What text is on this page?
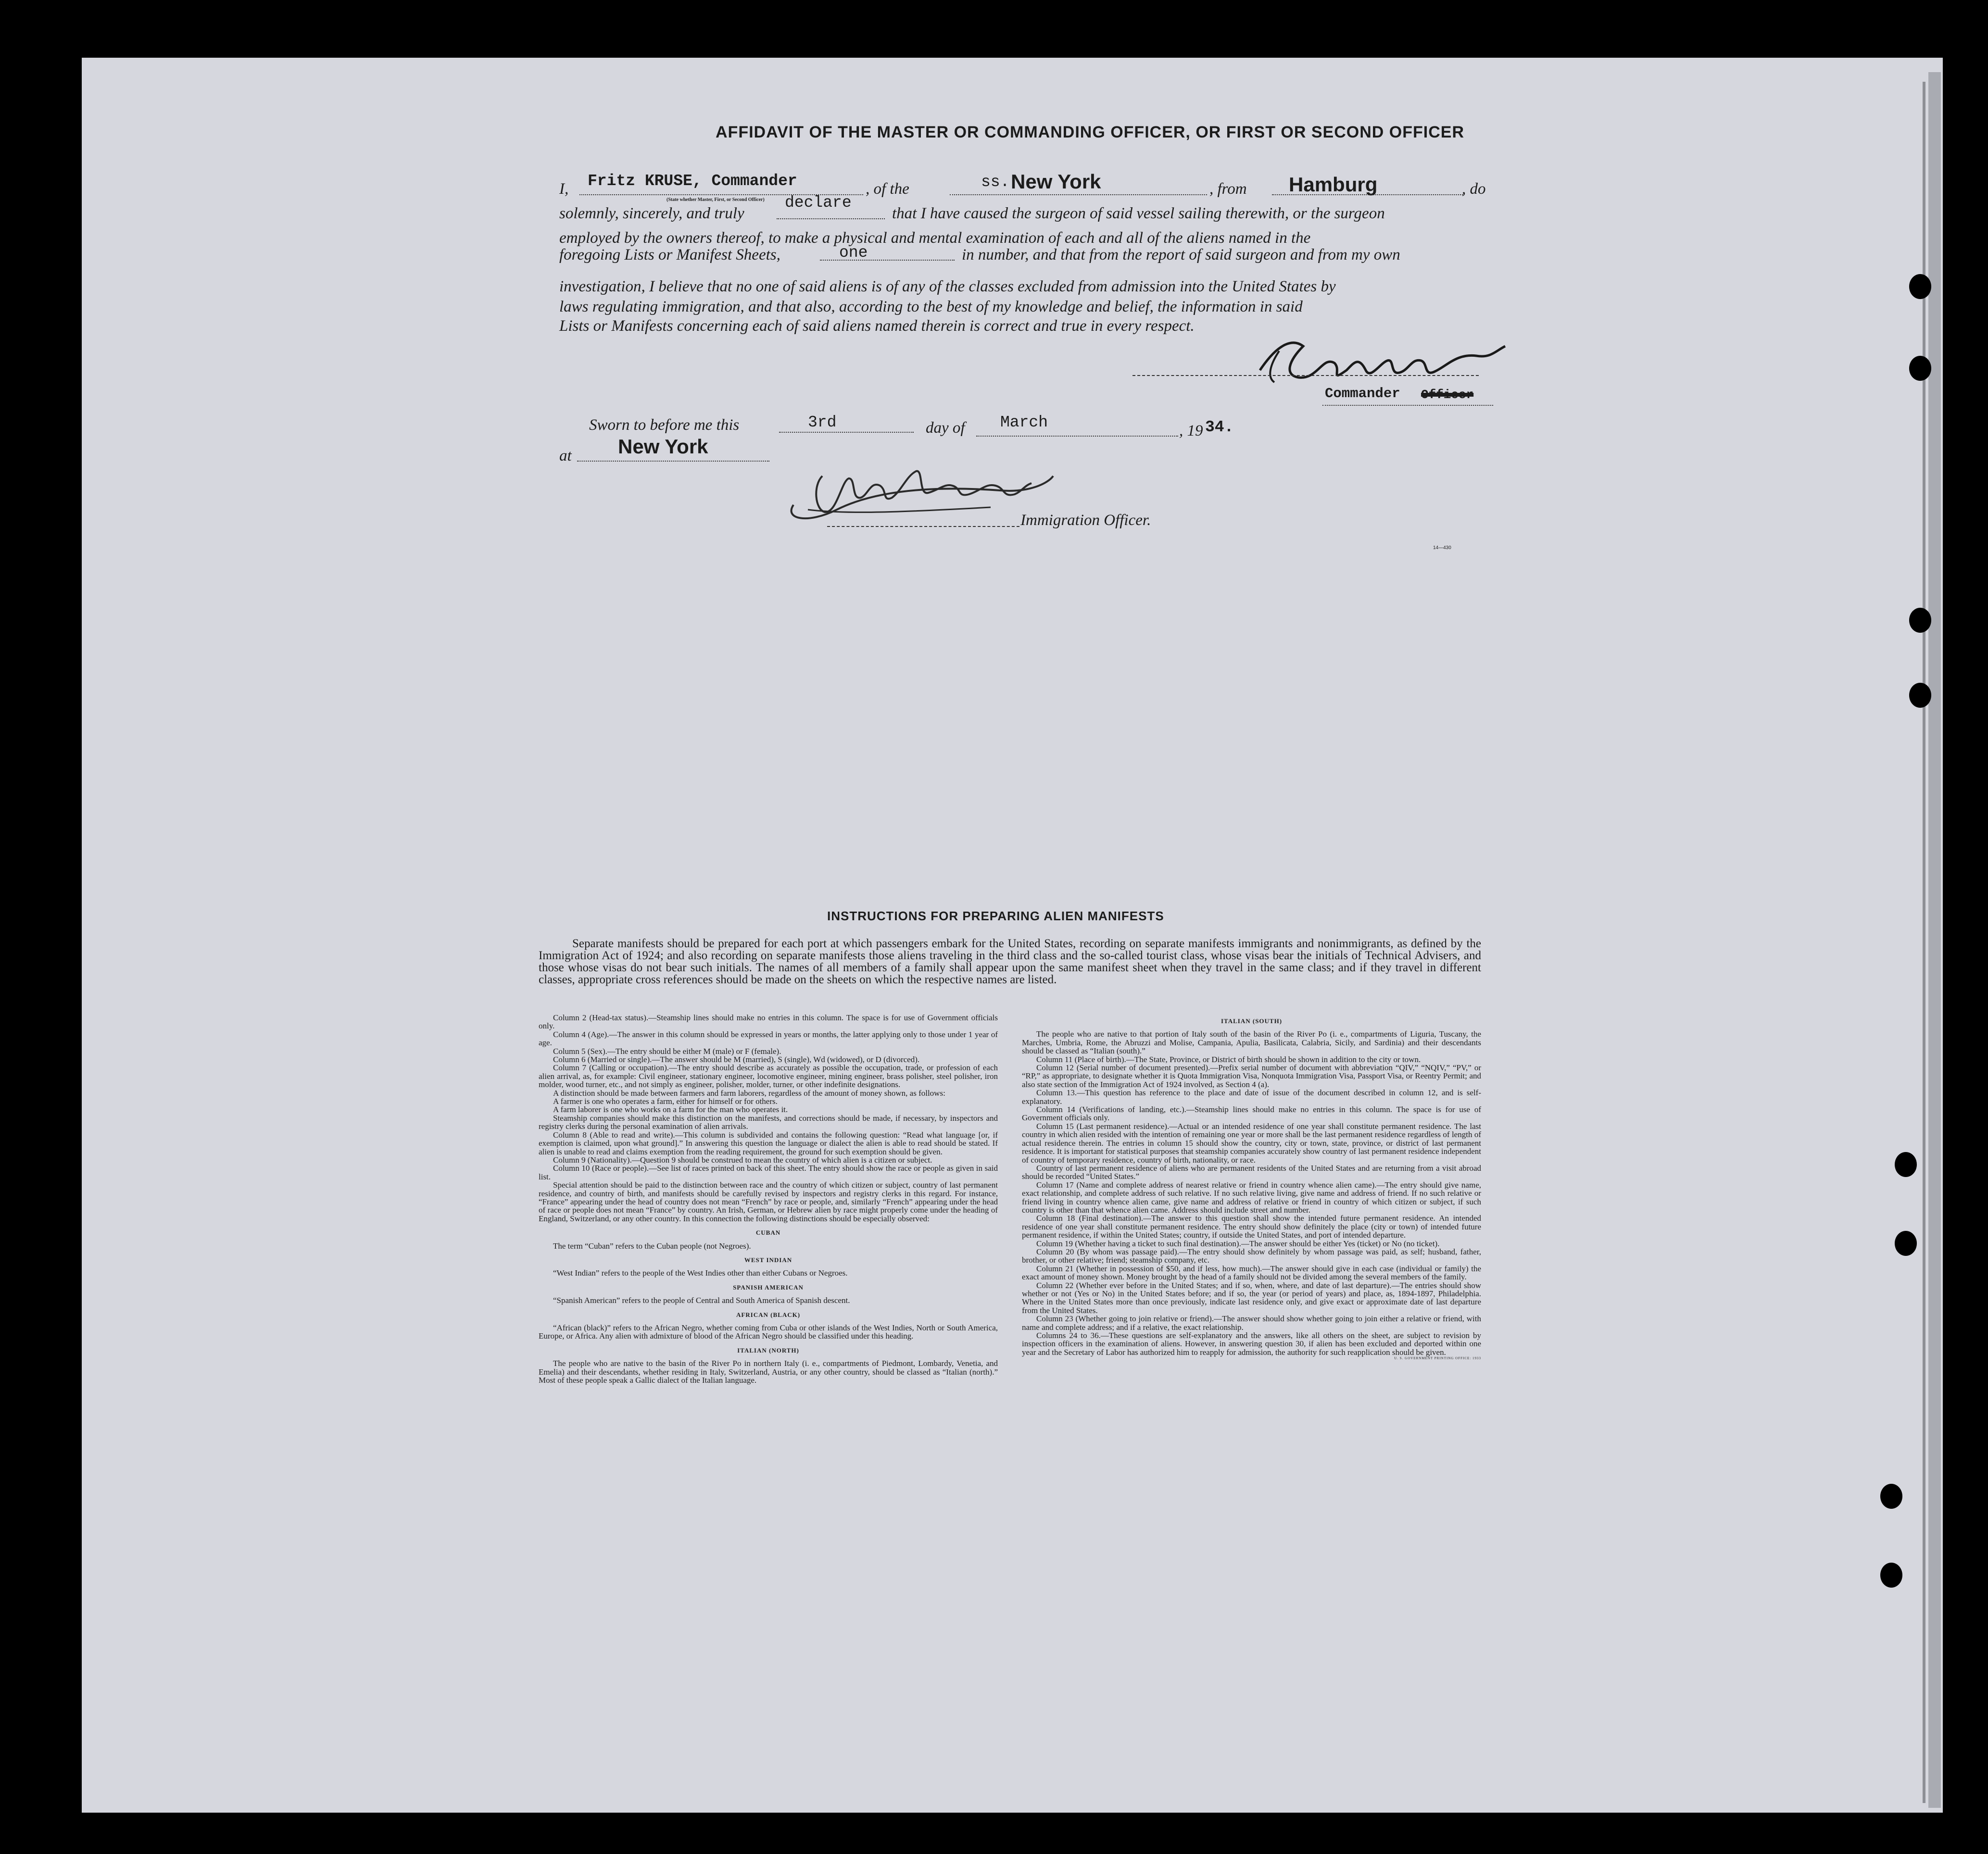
AFFIDAVIT OF THE MASTER OR COMMANDING OFFICER, OR FIRST OR SECOND OFFICER
I, Fritz KRUSE, Commander
(State whether Master, First, or Second Officer)
, of the	ss. New York	, from Hamburg	, do
solemnly, sincerely, and truly
declare
that I have caused the surgeon of said vessel sailing therewith, or the surgeon
employed by the owners thereof, to make a physical and mental examination of each and all of the aliens named in the
foregoing Lists or Manifest Sheets,	one	in number, and that from the report of said surgeon and from my own
investigation, I believe that no one of said aliens is of any of the classes excluded from admission into the United States by
laws regulating immigration, and that also, according to the best of my knowledge and belief, the information in said
Lists or Manifests concerning each of said aliens named therein is correct and true in every respect.
Commander Officer
Sworn to before me this	3rd	day of March	, 19 34.
at New York
Immigration Officer.
14—430
INSTRUCTIONS FOR PREPARING ALIEN MANIFESTS
Separate manifests should be prepared for each port at which passengers embark for the United States, recording on separate manifests immigrants and nonimmigrants, as defined by the Immigration Act of 1924; and also recording on separate manifests those aliens traveling in the third class and the so-called tourist class, whose visas bear the initials of Technical Advisers, and those whose visas do not bear such initials. The names of all members of a family shall appear upon the same manifest sheet when they travel in the same class; and if they travel in different classes, appropriate cross references should be made on the sheets on which the respective names are listed.

Column 2 (Head-tax status).—Steamship lines should make no entries in this column. The space is for use of Government officials only.

Column 4 (Age).—The answer in this column should be expressed in years or months, the latter applying only to those under 1 year of age.

Column 5 (Sex).—The entry should be either M (male) or F (female).

Column 6 (Married or single).—The answer should be M (married), S (single), Wd (widowed), or D (divorced).

Column 7 (Calling or occupation).—The entry should describe as accurately as possible the occupation, trade, or profession of each alien arrival, as, for example: Civil engineer, stationary engineer, locomotive engineer, mining engineer, brass polisher, steel polisher, iron molder, wood turner, etc., and not simply as engineer, polisher, molder, turner, or other indefinite designations.

A distinction should be made between farmers and farm laborers, regardless of the amount of money shown, as follows:

A farmer is one who operates a farm, either for himself or for others.

A farm laborer is one who works on a farm for the man who operates it.

Steamship companies should make this distinction on the manifests, and corrections should be made, if necessary, by inspectors and registry clerks during the personal examination of alien arrivals.

Column 8 (Able to read and write).—This column is subdivided and contains the following question: “Read what language [or, if exemption is claimed, upon what ground].” In answering this question the language or dialect the alien is able to read should be stated. If alien is unable to read and claims exemption from the reading requirement, the ground for such exemption should be given.

Column 9 (Nationality).—Question 9 should be construed to mean the country of which alien is a citizen or subject.

Column 10 (Race or people).—See list of races printed on back of this sheet. The entry should show the race or people as given in said list.

Special attention should be paid to the distinction between race and the country of which citizen or subject, country of last permanent residence, and country of birth, and manifests should be carefully revised by inspectors and registry clerks in this regard. For instance, “France” appearing under the head of country does not mean “French” by race or people, and, similarly “French” appearing under the head of race or people does not mean “France” by country. An Irish, German, or Hebrew alien by race might properly come under the heading of England, Switzerland, or any other country. In this connection the following distinctions should be especially observed:

CUBAN

The term “Cuban” refers to the Cuban people (not Negroes).

WEST INDIAN

“West Indian” refers to the people of the West Indies other than either Cubans or Negroes.

SPANISH AMERICAN

“Spanish American” refers to the people of Central and South America of Spanish descent.

AFRICAN (BLACK)

“African (black)” refers to the African Negro, whether coming from Cuba or other islands of the West Indies, North or South America, Europe, or Africa. Any alien with admixture of blood of the African Negro should be classified under this heading.

ITALIAN (NORTH)

The people who are native to the basin of the River Po in northern Italy (i. e., compartments of Piedmont, Lombardy, Venetia, and Emelia) and their descendants, whether residing in Italy, Switzerland, Austria, or any other country, should be classed as “Italian (north).” Most of these people speak a Gallic dialect of the Italian language.

ITALIAN (SOUTH)

The people who are native to that portion of Italy south of the basin of the River Po (i. e., compartments of Liguria, Tuscany, the Marches, Umbria, Rome, the Abruzzi and Molise, Campania, Apulia, Basilicata, Calabria, Sicily, and Sardinia) and their descendants should be classed as “Italian (south).”

Column 11 (Place of birth).—The State, Province, or District of birth should be shown in addition to the city or town.

Column 12 (Serial number of document presented).—Prefix serial number of document with abbreviation “QIV,” “NQIV,” “PV,” or “RP,” as appropriate, to designate whether it is Quota Immigration Visa, Nonquota Immigration Visa, Passport Visa, or Reentry Permit; and also state section of the Immigration Act of 1924 involved, as Section 4 (a).

Column 13.—This question has reference to the place and date of issue of the document described in column 12, and is self-explanatory.

Column 14 (Verifications of landing, etc.).—Steamship lines should make no entries in this column. The space is for use of Government officials only.

Column 15 (Last permanent residence).—Actual or an intended residence of one year shall constitute permanent residence. The last country in which alien resided with the intention of remaining one year or more shall be the last permanent residence regardless of length of actual residence therein. The entries in column 15 should show the country, city or town, state, province, or district of last permanent residence. It is important for statistical purposes that steamship companies accurately show country of last permanent residence independent of country of temporary residence, country of birth, nationality, or race.

Country of last permanent residence of aliens who are permanent residents of the United States and are returning from a visit abroad should be recorded “United States.”

Column 17 (Name and complete address of nearest relative or friend in country whence alien came).—The entry should give name, exact relationship, and complete address of such relative. If no such relative living, give name and address of friend. If no such relative or friend living in country whence alien came, give name and address of relative or friend in country of which citizen or subject, if such country is other than that whence alien came. Address should include street and number.

Column 18 (Final destination).—The answer to this question shall show the intended future permanent residence. An intended residence of one year shall constitute permanent residence. The entry should show definitely the place (city or town) of intended future permanent residence, if within the United States; country, if outside the United States, and port of intended departure.

Column 19 (Whether having a ticket to such final destination).—The answer should be either Yes (ticket) or No (no ticket).

Column 20 (By whom was passage paid).—The entry should show definitely by whom passage was paid, as self; husband, father, brother, or other relative; friend; steamship company, etc.

Column 21 (Whether in possession of $50, and if less, how much).—The answer should give in each case (individual or family) the exact amount of money shown. Money brought by the head of a family should not be divided among the several members of the family.

Column 22 (Whether ever before in the United States; and if so, when, where, and date of last departure).—The entries should show whether or not (Yes or No) in the United States before; and if so, the year (or period of years) and place, as, 1894-1897, Philadelphia. Where in the United States more than once previously, indicate last residence only, and give exact or approximate date of last departure from the United States.

Column 23 (Whether going to join relative or friend).—The answer should show whether going to join either a relative or friend, with name and complete address; and if a relative, the exact relationship.

Columns 24 to 36.—These questions are self-explanatory and the answers, like all others on the sheet, are subject to revision by inspection officers in the examination of aliens. However, in answering question 30, if alien has been excluded and deported within one year and the Secretary of Labor has authorized him to reapply for admission, the authority for such reapplication should be given.

U. S. GOVERNMENT PRINTING OFFICE: 1933
